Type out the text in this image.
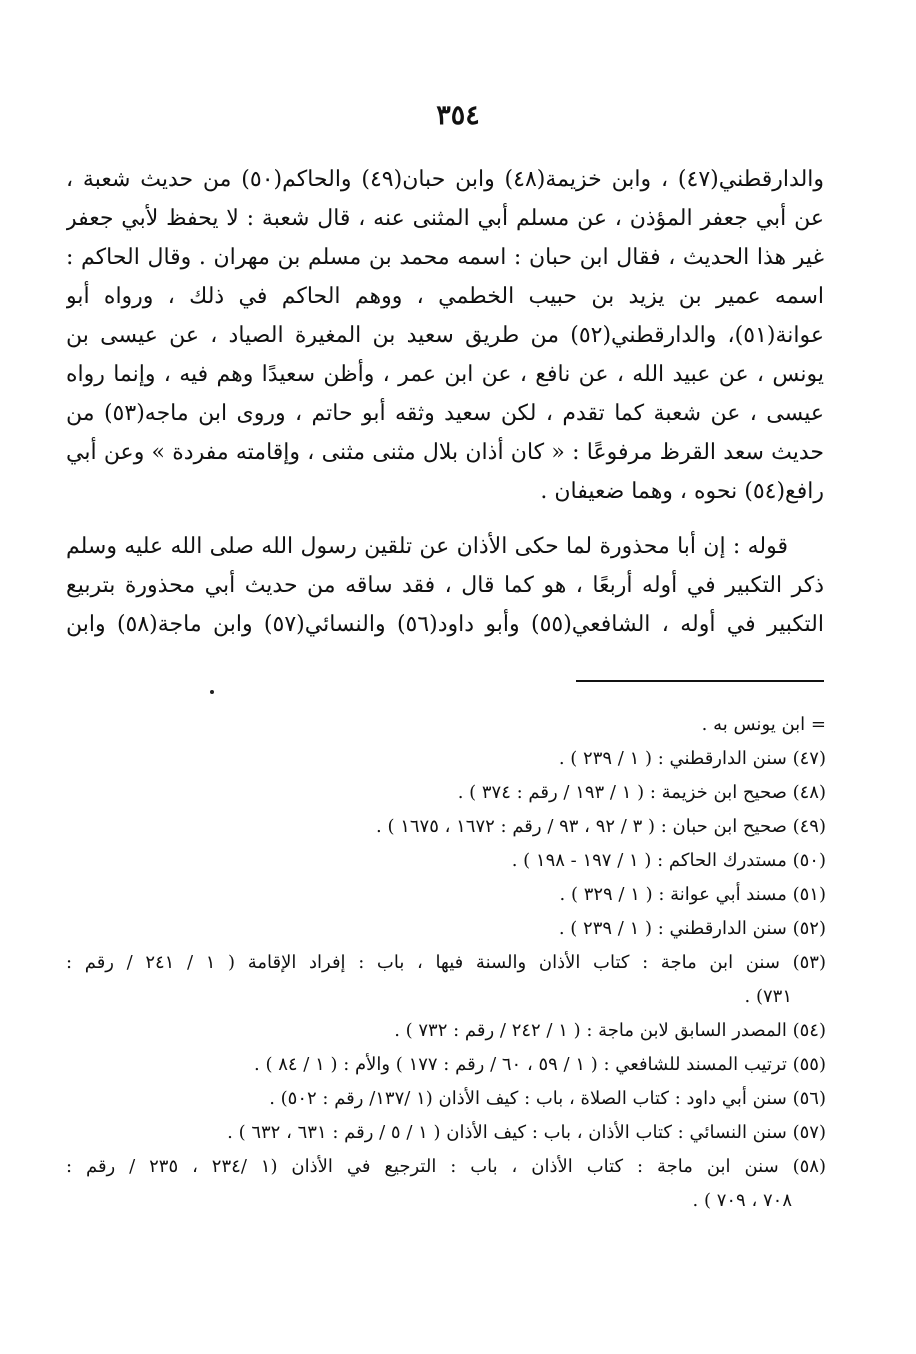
٣٥٤
والدارقطني(٤٧) ، وابن خزيمة(٤٨) وابن حبان(٤٩) والحاكم(٥٠) من حديث شعبة ،
عن أبي جعفر المؤذن ، عن مسلم أبي المثنى عنه ، قال شعبة : لا يحفظ لأبي جعفر
غير هذا الحديث ، فقال ابن حبان : اسمه محمد بن مسلم بن مهران . وقال الحاكم :
اسمه عمير بن يزيد بن حبيب الخطمي ، ووهم الحاكم في ذلك ، ورواه أبو
عوانة(٥١)، والدارقطني(٥٢) من طريق سعيد بن المغيرة الصياد ، عن عيسى بن
يونس ، عن عبيد الله ، عن نافع ، عن ابن عمر ، وأظن سعيدًا وهم فيه ، وإنما رواه
عيسى ، عن شعبة كما تقدم ، لكن سعيد وثقه أبو حاتم ، وروى ابن ماجه(٥٣) من
حديث سعد القرظ مرفوعًا : « كان أذان بلال مثنى مثنى ، وإقامته مفردة » وعن أبي
رافع(٥٤) نحوه ، وهما ضعيفان .
قوله : إن أبا محذورة لما حكى الأذان عن تلقين رسول الله صلى الله عليه وسلم
ذكر التكبير في أوله أربعًا ، هو كما قال ، فقد ساقه من حديث أبي محذورة بتربيع
التكبير في أوله ، الشافعي(٥٥) وأبو داود(٥٦) والنسائي(٥٧) وابن ماجة(٥٨) وابن
= ابن يونس به .
(٤٧) سنن الدارقطني : ( ١ / ٢٣٩ ) .
(٤٨) صحيح ابن خزيمة : ( ١ / ١٩٣ / رقم : ٣٧٤ ) .
(٤٩) صحيح ابن حبان : ( ٣ / ٩٢ ، ٩٣ / رقم : ١٦٧٢ ، ١٦٧٥ ) .
(٥٠) مستدرك الحاكم : ( ١ / ١٩٧ - ١٩٨ ) .
(٥١) مسند أبي عوانة : ( ١ / ٣٢٩ ) .
(٥٢) سنن الدارقطني : ( ١ / ٢٣٩ ) .
(٥٣) سنن ابن ماجة : كتاب الأذان والسنة فيها ، باب : إفراد الإقامة ( ١ / ٢٤١ / رقم :
٧٣١) .
(٥٤) المصدر السابق لابن ماجة : ( ١ / ٢٤٢ / رقم : ٧٣٢ ) .
(٥٥) ترتيب المسند للشافعي : ( ١ / ٥٩ ، ٦٠ / رقم : ١٧٧ ) والأم : ( ١ / ٨٤ ) .
(٥٦) سنن أبي داود : كتاب الصلاة ، باب : كيف الأذان (١ /١٣٧/ رقم : ٥٠٢) .
(٥٧) سنن النسائي : كتاب الأذان ، باب : كيف الأذان ( ١ / ٥ / رقم : ٦٣١ ، ٦٣٢ ) .
(٥٨) سنن ابن ماجة : كتاب الأذان ، باب : الترجيع في الأذان (١ /٢٣٤ ، ٢٣٥ / رقم :
٧٠٨ ، ٧٠٩ ) .
